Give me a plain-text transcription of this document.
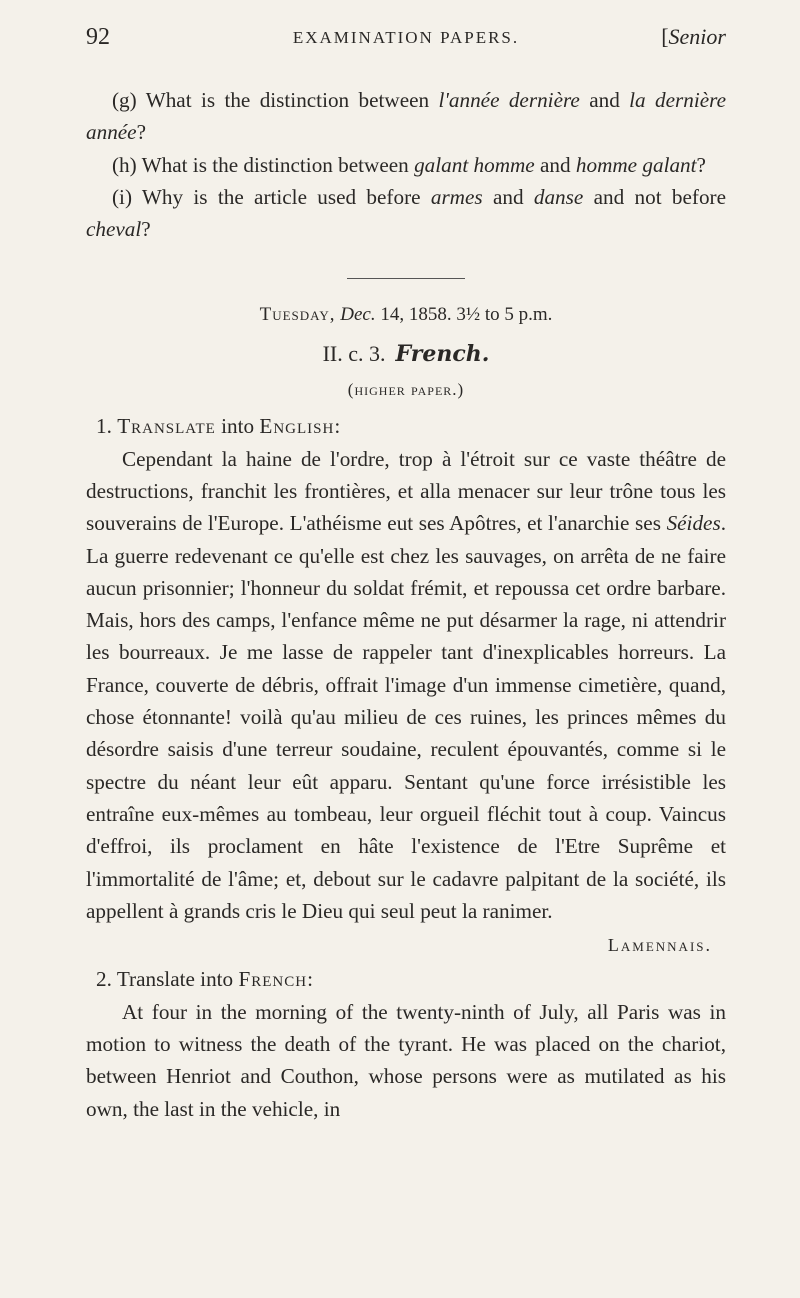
92	EXAMINATION PAPERS.	[Senior

(g) What is the distinction between l'année dernière and la dernière année?

(h) What is the distinction between galant homme and homme galant?

(i) Why is the article used before armes and danse and not before cheval?

Tuesday, Dec. 14, 1858. 3½ to 5 p.m.
II. c. 3. French.
(higher paper.)

1. Translate into English:

Cependant la haine de l'ordre, trop à l'étroit sur ce vaste théâtre de destructions, franchit les frontières, et alla menacer sur leur trône tous les souverains de l'Europe. L'athéisme eut ses Apôtres, et l'anarchie ses Séides. La guerre redevenant ce qu'elle est chez les sauvages, on arrêta de ne faire aucun prisonnier; l'honneur du soldat frémit, et repoussa cet ordre barbare. Mais, hors des camps, l'enfance même ne put désarmer la rage, ni attendrir les bourreaux. Je me lasse de rappeler tant d'inexplicables horreurs. La France, couverte de débris, offrait l'image d'un immense cimetière, quand, chose étonnante! voilà qu'au milieu de ces ruines, les princes mêmes du désordre saisis d'une terreur soudaine, reculent épouvantés, comme si le spectre du néant leur eût apparu. Sentant qu'une force irrésistible les entraîne eux-mêmes au tombeau, leur orgueil fléchit tout à coup. Vaincus d'effroi, ils proclament en hâte l'existence de l'Etre Suprême et l'immortalité de l'âme; et, debout sur le cadavre palpitant de la société, ils appellent à grands cris le Dieu qui seul peut la ranimer.

Lamennais.

2. Translate into French:

At four in the morning of the twenty-ninth of July, all Paris was in motion to witness the death of the tyrant. He was placed on the chariot, between Henriot and Couthon, whose persons were as mutilated as his own, the last in the vehicle, in
